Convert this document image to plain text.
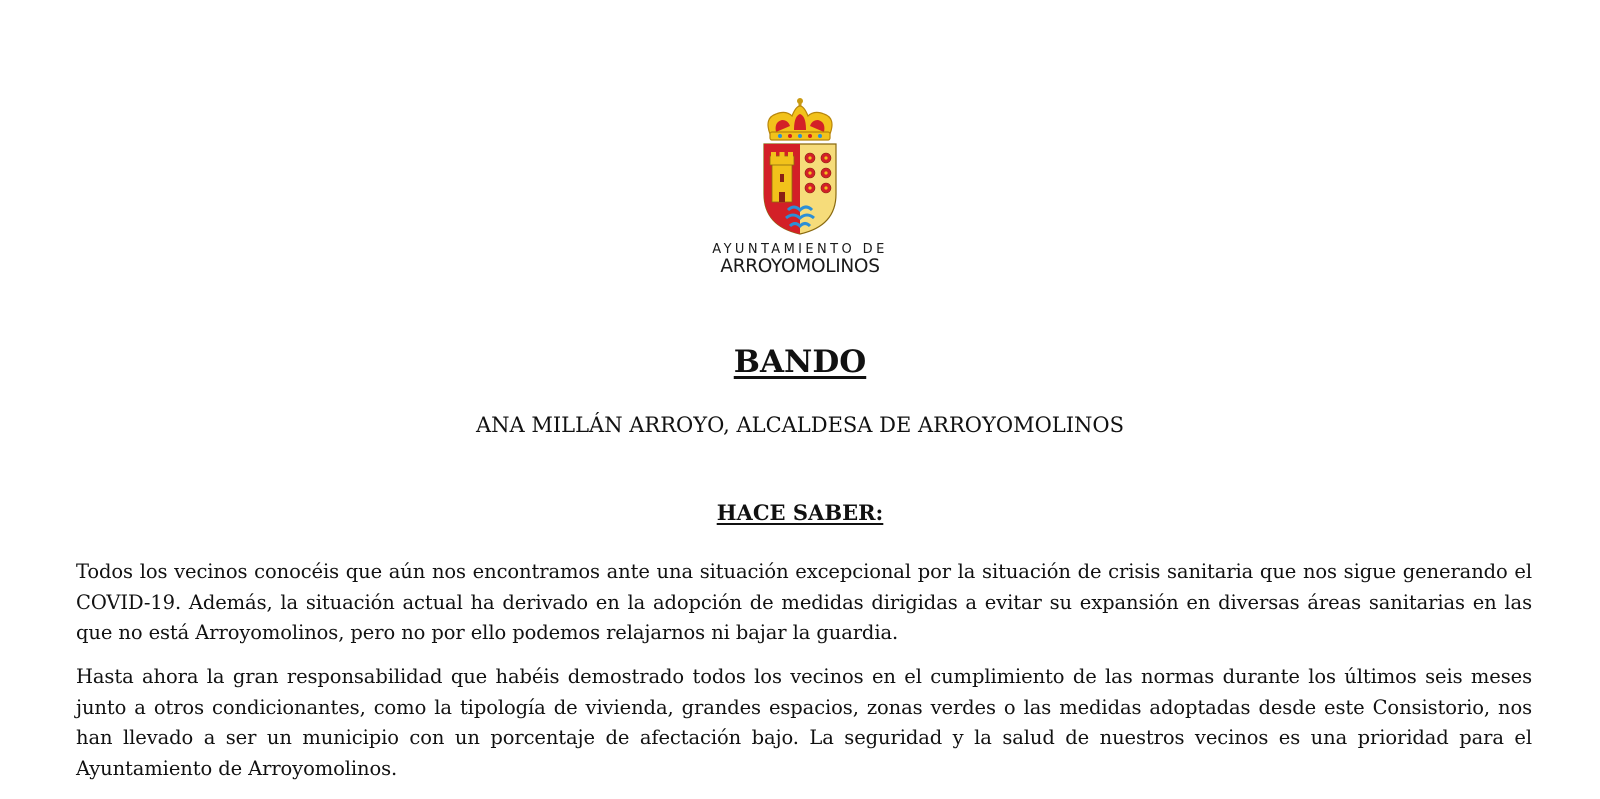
AYUNTAMIENTO DE
ARROYOMOLINOS
BANDO
ANA MILLÁN ARROYO, ALCALDESA DE ARROYOMOLINOS
HACE SABER:

Todos los vecinos conocéis que aún nos encontramos ante una situación excepcional por la situación de crisis sanitaria que nos sigue generando el COVID-19. Además, la situación actual ha derivado en la adopción de medidas dirigidas a evitar su expansión en diversas áreas sanitarias en las que no está Arroyomolinos, pero no por ello podemos relajarnos ni bajar la guardia.

Hasta ahora la gran responsabilidad que habéis demostrado todos los vecinos en el cumplimiento de las normas durante los últimos seis meses junto a otros condicionantes, como la tipología de vivienda, grandes espacios, zonas verdes o las medidas adoptadas desde este Consistorio, nos han llevado a ser un municipio con un porcentaje de afectación bajo. La seguridad y la salud de nuestros vecinos es una prioridad para el Ayuntamiento de Arroyomolinos.
